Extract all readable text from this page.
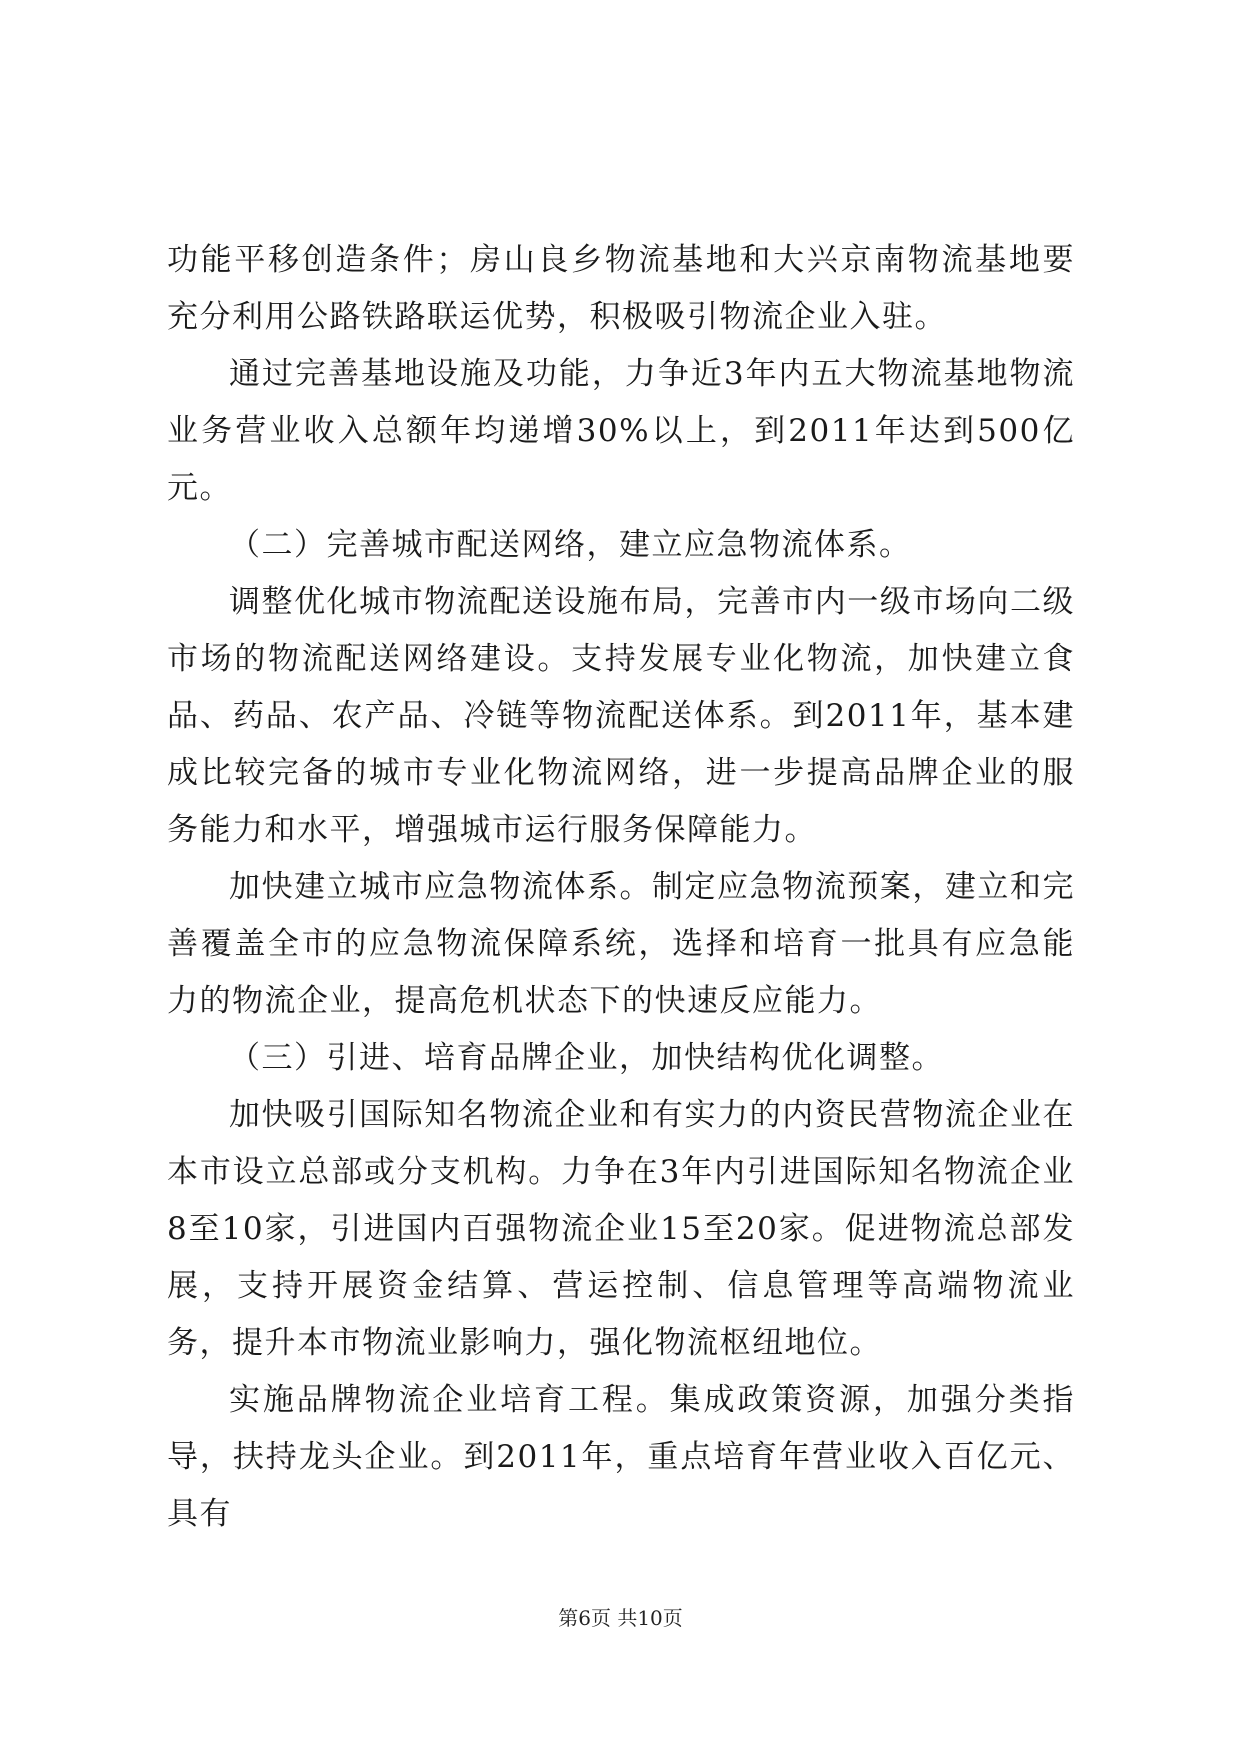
功能平移创造条件；房山良乡物流基地和大兴京南物流基地要充分利用公路铁路联运优势，积极吸引物流企业入驻。

通过完善基地设施及功能，力争近3年内五大物流基地物流业务营业收入总额年均递增30%以上，到2011年达到500亿元。

（二）完善城市配送网络，建立应急物流体系。

调整优化城市物流配送设施布局，完善市内一级市场向二级市场的物流配送网络建设。支持发展专业化物流，加快建立食品、药品、农产品、冷链等物流配送体系。到2011年，基本建成比较完备的城市专业化物流网络，进一步提高品牌企业的服务能力和水平，增强城市运行服务保障能力。

加快建立城市应急物流体系。制定应急物流预案，建立和完善覆盖全市的应急物流保障系统，选择和培育一批具有应急能力的物流企业，提高危机状态下的快速反应能力。

（三）引进、培育品牌企业，加快结构优化调整。

加快吸引国际知名物流企业和有实力的内资民营物流企业在本市设立总部或分支机构。力争在3年内引进国际知名物流企业8至10家，引进国内百强物流企业15至20家。促进物流总部发展，支持开展资金结算、营运控制、信息管理等高端物流业务，提升本市物流业影响力，强化物流枢纽地位。

实施品牌物流企业培育工程。集成政策资源，加强分类指导，扶持龙头企业。到2011年，重点培育年营业收入百亿元、具有

第6页 共10页
